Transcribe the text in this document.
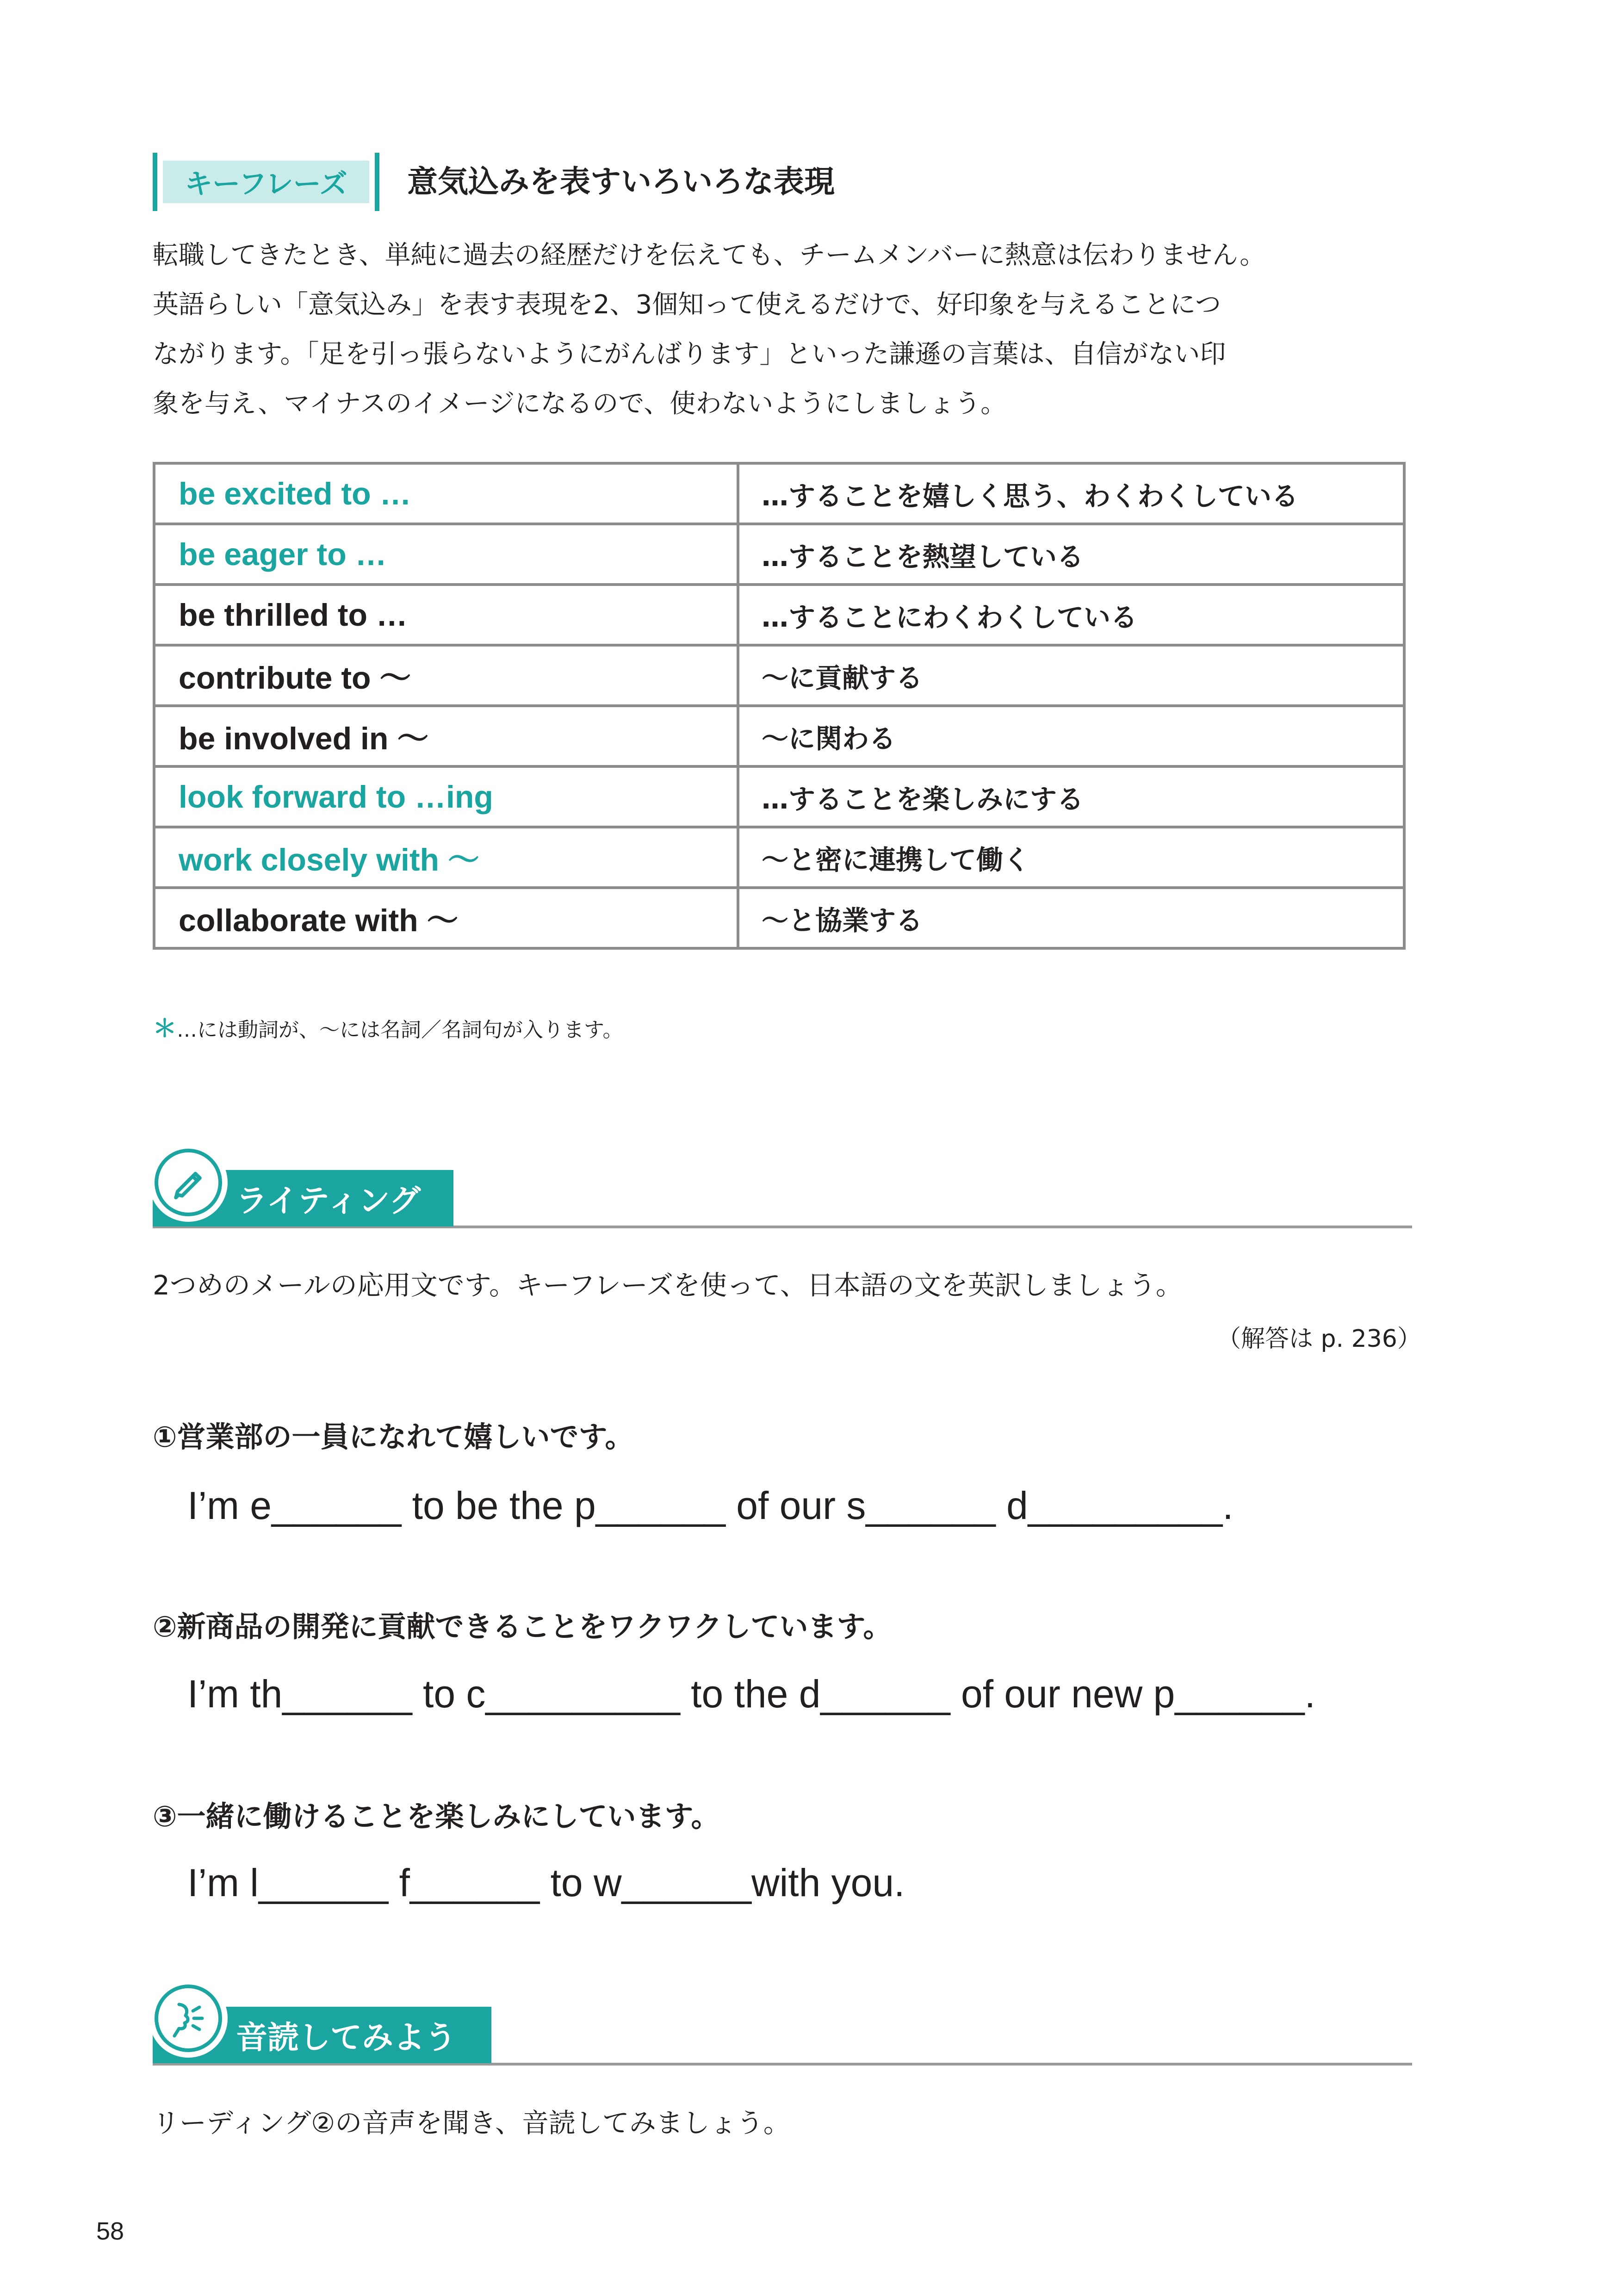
キーフレーズ	意気込みを表すいろいろな表現
転職してきたとき、単純に過去の経歴だけを伝えても、チームメンバーに熱意は伝わりません。
英語らしい「意気込み」を表す表現を2、3個知って使えるだけで、好印象を与えることにつ
ながります。「足を引っ張らないようにがんばります」といった謙遜の言葉は、自信がない印
象を与え、マイナスのイメージになるので、使わないようにしましょう。
be excited to …	…することを嬉しく思う、わくわくしている
be eager to …	…することを熱望している
be thrilled to …	…することにわくわくしている
contribute to ～	～に貢献する
be involved in ～	～に関わる
look forward to …ing	…することを楽しみにする
work closely with ～	～と密に連携して働く
collaborate with ～	～と協業する
＊…には動詞が、～には名詞／名詞句が入ります。
ライティング
2つめのメールの応用文です。キーフレーズを使って、日本語の文を英訳しましょう。
（解答は p. 236）
①営業部の一員になれて嬉しいです。
I’m e______ to be the p______ of our s______ d_________.
②新商品の開発に貢献できることをワクワクしています。
I’m th______ to c_________ to the d______ of our new p______.
③一緒に働けることを楽しみにしています。
I’m l______ f______ to w______with you.
音読してみよう
リーディング②の音声を聞き、音読してみましょう。
58
